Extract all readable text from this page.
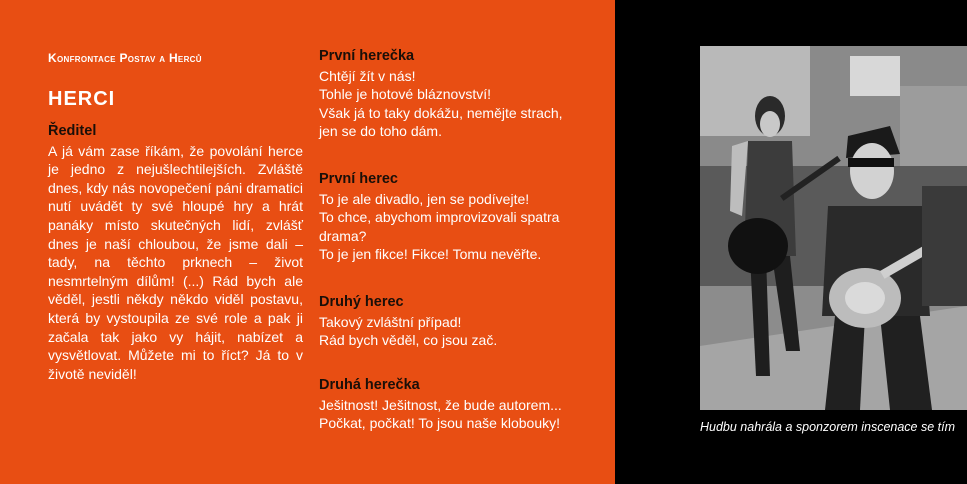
Konfrontace Postav a Herců
HERCI
Ředitel

A já vám zase říkám, že povolání herce je jedno z nejušlechtilejších. Zvláště dnes, kdy nás novopečení páni dramatici nutí uvádět ty své hloupé hry a hrát panáky místo skutečných lidí, zvlášť dnes je naší chloubou, že jsme dali – tady, na těchto prknech – život nesmrtelným dílům! (...) Rád bych ale věděl, jestli někdy někdo viděl postavu, která by vystoupila ze své role a pak ji začala tak jako vy hájit, nabízet a vysvětlovat. Můžete mi to říct? Já to v životě neviděl!

První herečka

Chtějí žít v nás!
Tohle je hotové bláznovství!
Však já to taky dokážu, nemějte strach,
jen se do toho dám.

První herec

To je ale divadlo, jen se podívejte!
To chce, abychom improvizovali spatra
drama?
To je jen fikce! Fikce! Tomu nevěřte.

Druhý herec

Takový zvláštní případ!
Rád bych věděl, co jsou zač.

Druhá herečka

Ješitnost! Ješitnost, že bude autorem...
Počkat, počkat! To jsou naše klobouky!	Hudbu nahrála a sponzorem inscenace se tím
